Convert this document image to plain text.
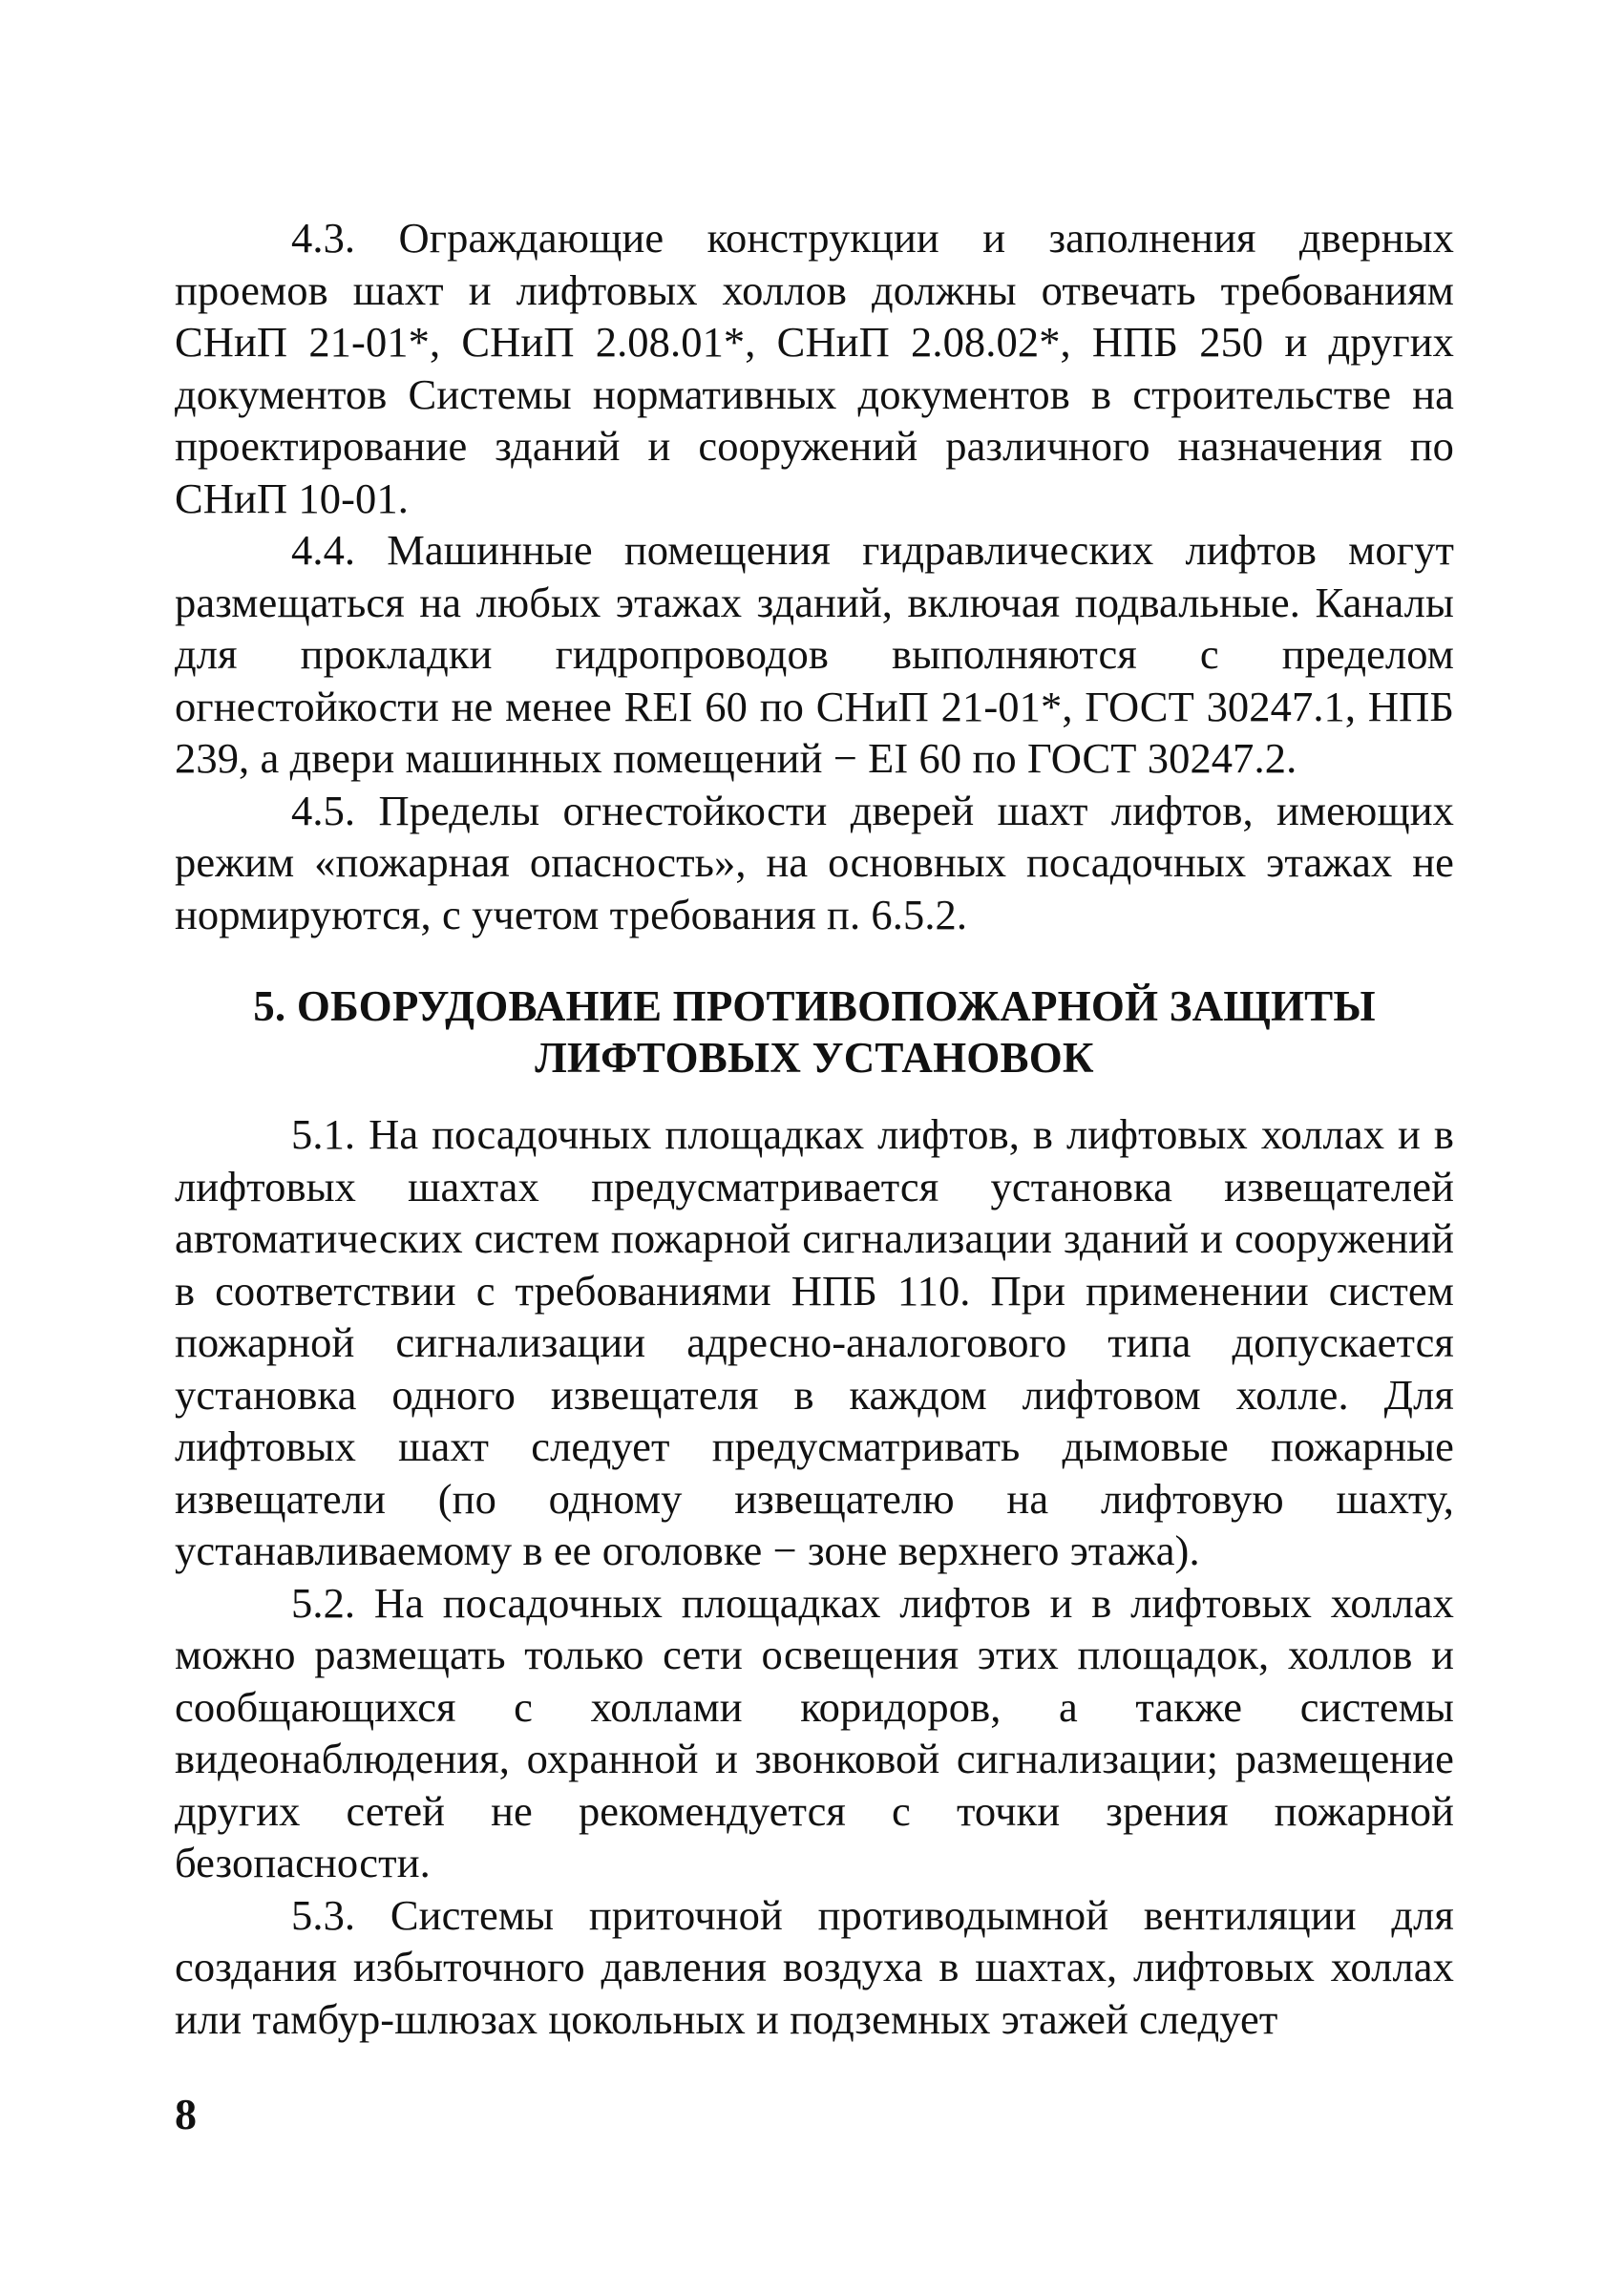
4.3. Ограждающие конструкции и заполнения дверных проемов шахт и лифтовых холлов должны отвечать требованиям СНиП 21-01*, СНиП 2.08.01*, СНиП 2.08.02*, НПБ 250 и других документов Системы нормативных документов в строительстве на проектирование зданий и сооружений различного назначения по СНиП 10-01.

4.4. Машинные помещения гидравлических лифтов могут размещаться на любых этажах зданий, включая подвальные. Каналы для прокладки гидропроводов выполняются с пределом огнестойкости не менее REI 60 по СНиП 21-01*, ГОСТ 30247.1, НПБ 239, а двери машинных помещений − EI 60 по ГОСТ 30247.2.

4.5. Пределы огнестойкости дверей шахт лифтов, имеющих режим «пожарная опасность», на основных посадочных этажах не нормируются, с учетом требования п. 6.5.2.

5. ОБОРУДОВАНИЕ ПРОТИВОПОЖАРНОЙ ЗАЩИТЫ
ЛИФТОВЫХ УСТАНОВОК

5.1. На посадочных площадках лифтов, в лифтовых холлах и в лифтовых шахтах предусматривается установка извещателей автоматических систем пожарной сигнализации зданий и сооружений в соответствии с требованиями НПБ 110. При применении систем пожарной сигнализации адресно-аналогового типа допускается установка одного извещателя в каждом лифтовом холле. Для лифтовых шахт следует предусматривать дымовые пожарные извещатели (по одному извещателю на лифтовую шахту, устанавливаемому в ее оголовке − зоне верхнего этажа).

5.2. На посадочных площадках лифтов и в лифтовых холлах можно размещать только сети освещения этих площадок, холлов и сообщающихся с холлами коридоров, а также системы видеонаблюдения, охранной и звонковой сигнализации; размещение других сетей не рекомендуется с точки зрения пожарной безопасности.

5.3. Системы приточной противодымной вентиляции для создания избыточного давления воздуха в шахтах, лифтовых холлах или тамбур-шлюзах цокольных и подземных этажей следует

8
